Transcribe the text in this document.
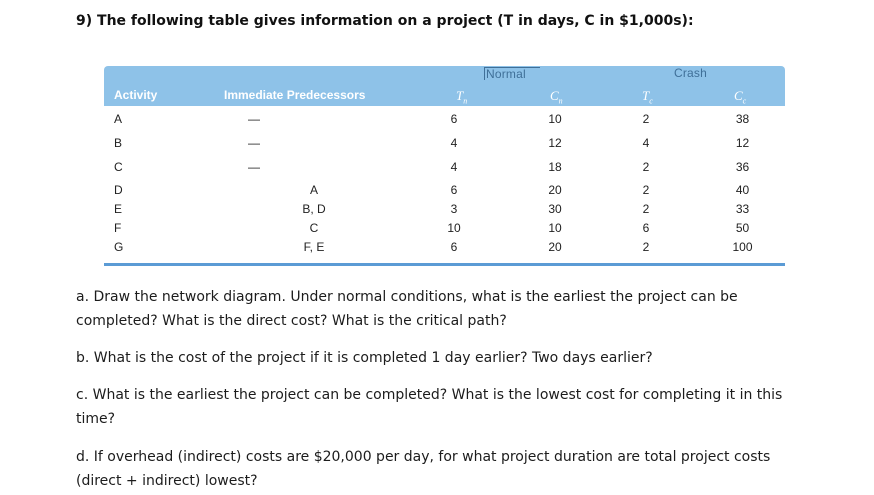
9) The following table gives information on a project (T in days, C in $1,000s):
Normal	Crash
Activity	Immediate Predecessors	$T_n$	$C_n$	$T_c$	$C_c$
A	—	6	10	2	38
B	—	4	12	4	12
C	—	4	18	2	36
D	A	6	20	2	40
E	B, D	3	30	2	33
F	C	10	10	6	50
G	F, E	6	20	2	100
a. Draw the network diagram. Under normal conditions, what is the earliest the project can be
completed? What is the direct cost? What is the critical path?
b. What is the cost of the project if it is completed 1 day earlier? Two days earlier?
c. What is the earliest the project can be completed? What is the lowest cost for completing it in this
time?
d. If overhead (indirect) costs are $20,000 per day, for what project duration are total project costs
(direct + indirect) lowest?
